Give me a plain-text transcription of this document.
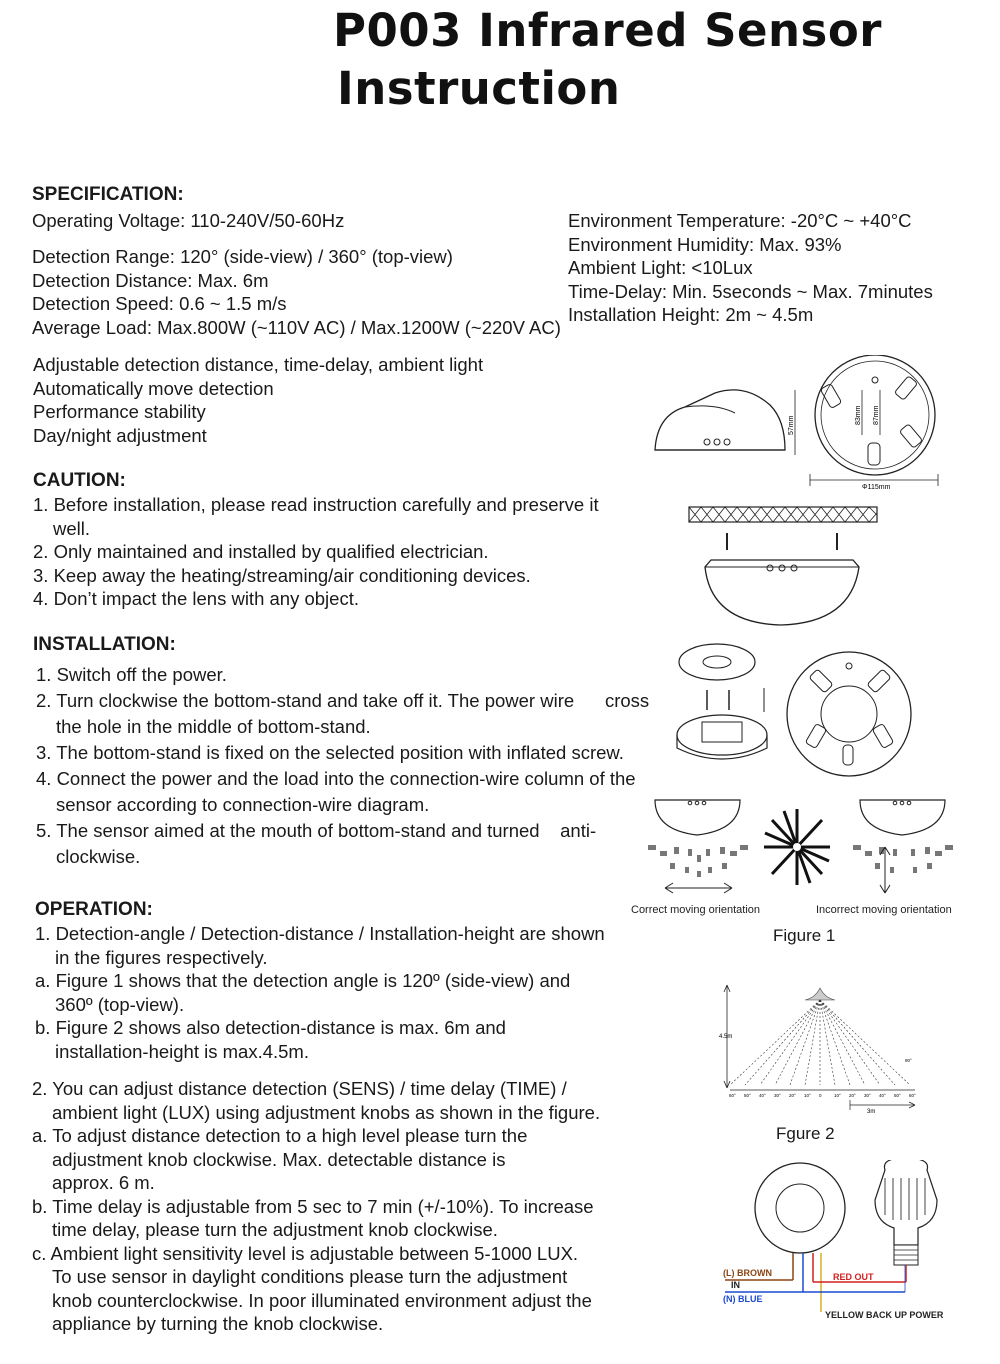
P003 Infrared Sensor
Instruction
SPECIFICATION:
Operating Voltage: 110-240V/50-60Hz
Detection Range: 120° (side-view) / 360° (top-view)
Detection Distance: Max. 6m
Detection Speed: 0.6 ~ 1.5 m/s
Average Load: Max.800W (~110V AC) / Max.1200W (~220V AC)
Environment Temperature: -20°C ~ +40°C
Environment Humidity: Max. 93%
Ambient Light: <10Lux
Time-Delay: Min. 5seconds ~ Max. 7minutes
Installation Height: 2m ~ 4.5m
Adjustable detection distance, time-delay, ambient light
Automatically move detection
Performance stability
Day/night adjustment
CAUTION:
1. Before installation, please read instruction carefully and preserve it
well.
2. Only maintained and installed by qualified electrician.
3. Keep away the heating/streaming/air conditioning devices.
4. Don’t impact the lens with any object.
INSTALLATION:
1. Switch off the power.
2. Turn clockwise the bottom-stand and take off it. The power wire      cross
the hole in the middle of bottom-stand.
3. The bottom-stand is fixed on the selected position with inflated screw.
4. Connect the power and the load into the connection-wire column of the
sensor according to connection-wire diagram.
5. The sensor aimed at the mouth of bottom-stand and turned    anti-
clockwise.
OPERATION:
1. Detection-angle / Detection-distance / Installation-height are shown
in the figures respectively.
a. Figure 1 shows that the detection angle is 120º (side-view) and
360º (top-view).
b. Figure 2 shows also detection-distance is max. 6m and
installation-height is max.4.5m.
2. You can adjust distance detection (SENS) / time delay (TIME) /
ambient light (LUX) using adjustment knobs as shown in the figure.
a. To adjust distance detection to a high level please turn the
adjustment knob clockwise. Max. detectable distance is
approx. 6 m.
b. Time delay is adjustable from 5 sec to 7 min (+/-10%). To increase
time delay, please turn the adjustment knob clockwise.
c. Ambient light sensitivity level is adjustable between 5-1000 LUX.
To use sensor in daylight conditions please turn the adjustment
knob counterclockwise. In poor illuminated environment adjust the
appliance by turning the knob clockwise.
57mm
83mm 87mm
Φ115mm
Correct moving orientation	Incorrect moving orientation
Figure 1
4.5m
90°
60° 50° 40° 30° 20° 10° 0	10° 20° 30° 40° 50° 60°
3m
Fgure 2
(L) BROWN
IN
(N) BLUE
RED OUT
YELLOW BACK UP POWER
